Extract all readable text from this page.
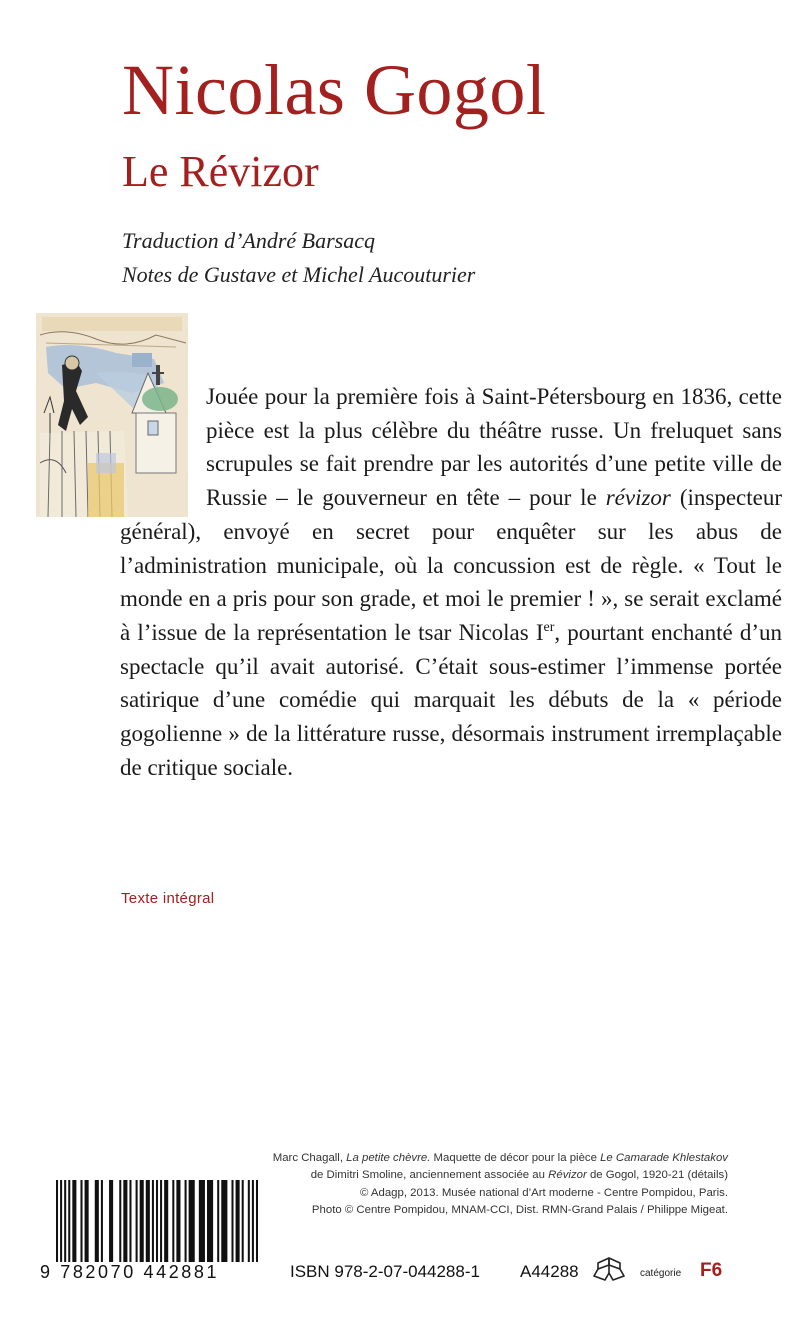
Nicolas Gogol
Le Révizor
Traduction d’André Barsacq
Notes de Gustave et Michel Aucouturier

Jouée pour la première fois à Saint-Pétersbourg en 1836, cette pièce est la plus célèbre du théâtre russe. Un freluquet sans scrupules se fait prendre par les autorités d’une petite ville de Russie – le gouverneur en tête – pour le révizor (inspecteur général), envoyé en secret pour enquêter sur les abus de l’administration municipale, où la concussion est de règle. « Tout le monde en a pris pour son grade, et moi le premier ! », se serait exclamé à l’issue de la représentation le tsar Nicolas Ier, pourtant enchanté d’un spectacle qu’il avait autorisé. C’était sous-estimer l’immense portée satirique d’une comédie qui marquait les débuts de la « période gogolienne » de la littérature russe, désormais instrument irremplaçable de critique sociale.

Texte intégral
Marc Chagall, La petite chèvre. Maquette de décor pour la pièce Le Camarade Khlestakov
de Dimitri Smoline, anciennement associée au Révizor de Gogol, 1920-21 (détails)
© Adagp, 2013. Musée national d’Art moderne - Centre Pompidou, Paris.
Photo © Centre Pompidou, MNAM-CCI, Dist. RMN-Grand Palais / Philippe Migeat.
9 782070 442881	ISBN 978-2-07-044288-1 A44288	catégorie F6
